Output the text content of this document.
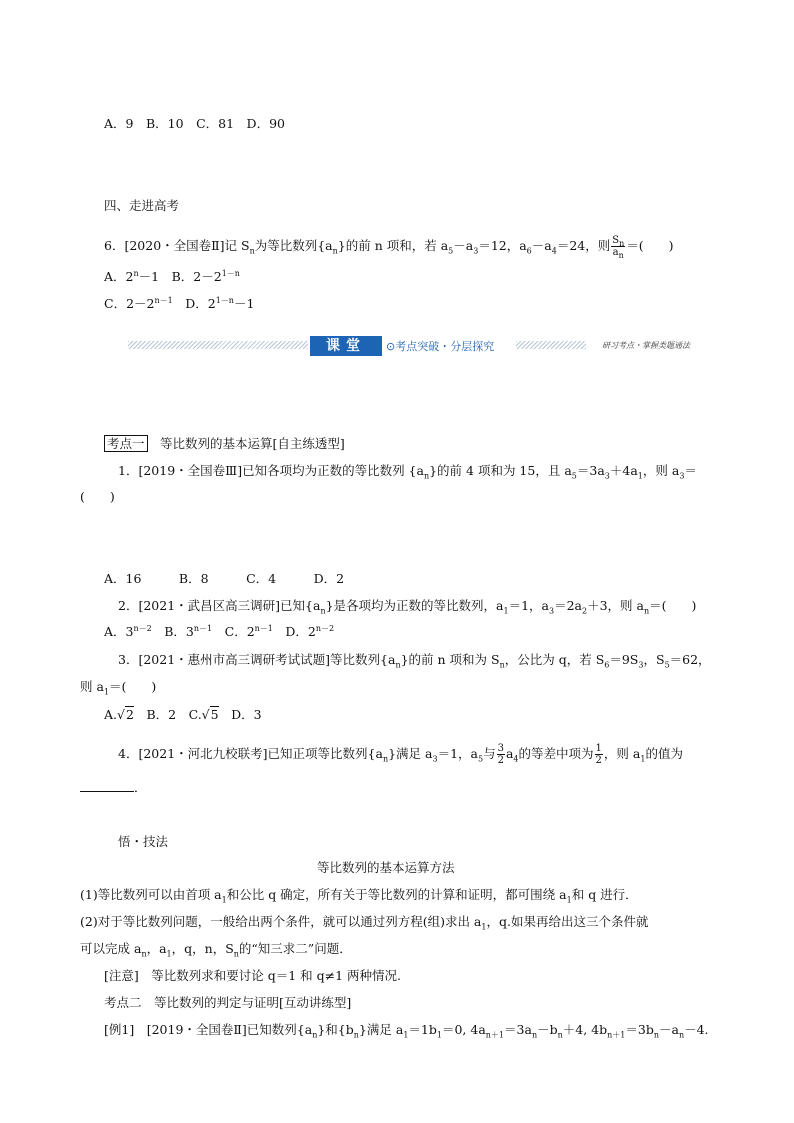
A．9　B．10　C．81　D．90
四、走进高考
6．[2020・全国卷Ⅱ]记 $S_n$为等比数列$\{a_n\}$的前 n 项和，若 $a_5-a_3=12$，$a_6-a_4=24$，则 $\frac{S_n}{a_n}$ ＝(　　)
A．$2^n-1$　B．$2-2^{1-n}$
C．$2-2^{n-1}$　D．$2^{1-n}-1$
课堂	⊙考点突破・分层探究	研习考点・掌握类题通法
考点一　等比数列的基本运算[自主练透型]
1．[2019・全国卷Ⅲ]已知各项均为正数的等比数列 $\{a_n\}$的前 4 项和为 15，且 $a_5=3a_3+4a_1$，则 $a_3=$
(　　)
A．16　　　B．8　　　C．4　　　D．2
2．[2021・武昌区高三调研]已知$\{a_n\}$是各项均为正数的等比数列，$a_1=1$，$a_3=2a_2+3$，则 $a_n=$(　　)
A．$3^{n-2}$　B．$3^{n-1}$　C．$2^{n-1}$　D．$2^{n-2}$
3．[2021・惠州市高三调研考试试题]等比数列$\{a_n\}$的前 n 项和为 $S_n$，公比为 q，若 $S_6=9S_3$，$S_5=62$，
则 $a_1=$(　　)
A.√2　B．2　C.√5　D．3
4．[2021・河北九校联考]已知正项等比数列$\{a_n\}$满足 $a_3=1$，$a_5$与 $\frac{3}{2} a_4$的等差中项为 $\frac{1}{2}$ ，则 $a_1$的值为
．
悟・技法
等比数列的基本运算方法
(1)等比数列可以由首项 $a_1$和公比 q 确定，所有关于等比数列的计算和证明，都可围绕 $a_1$和 q 进行．
(2)对于等比数列问题，一般给出两个条件，就可以通过列方程(组)求出 $a_1$，q.如果再给出这三个条件就
可以完成 $a_n$，$a_1$，q，n，$S_n$的“知三求二”问题．
[注意]　等比数列求和要讨论 q＝1 和 q≠1 两种情况.
考点二　等比数列的判定与证明[互动讲练型]
[例1]　[2019・全国卷Ⅱ]已知数列$\{a_n\}$和$\{b_n\}$满足 $a_1=1b_1=0$, $4a_{n+1}=3a_n-b_n+4$, $4b_{n+1}=3b_n-a_n-4$.
